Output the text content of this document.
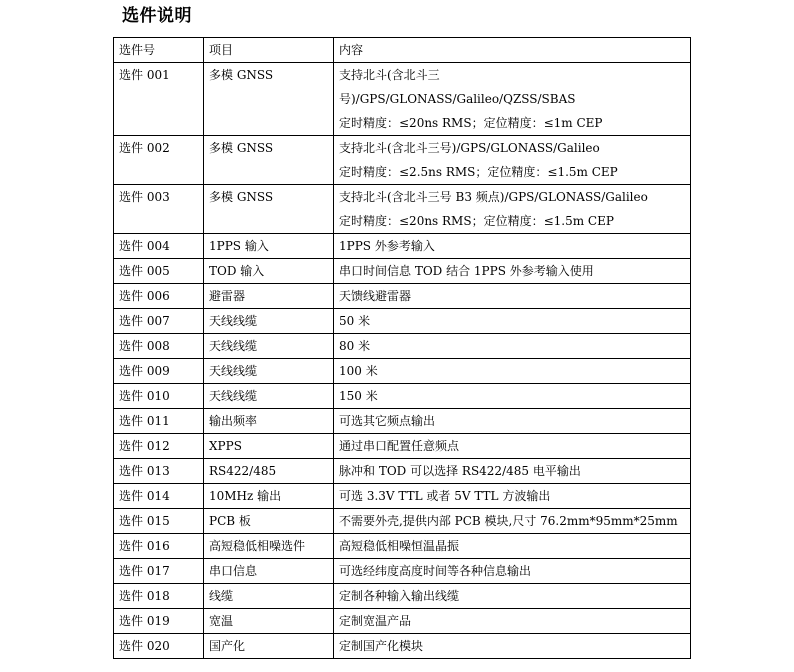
选件说明
选件号	项目	内容
选件 001	多模 GNSS	支持北斗(含北斗三
号)/GPS/GLONASS/Galileo/QZSS/SBAS
定时精度：≤20ns RMS；定位精度：≤1m CEP

选件 002	多模 GNSS	支持北斗(含北斗三号)/GPS/GLONASS/Galileo
定时精度：≤2.5ns RMS；定位精度：≤1.5m CEP

选件 003	多模 GNSS	支持北斗(含北斗三号 B3 频点)/GPS/GLONASS/Galileo
定时精度：≤20ns RMS；定位精度：≤1.5m CEP

选件 004	1PPS 输入	1PPS 外参考输入

选件 005	TOD 输入	串口时间信息 TOD 结合 1PPS 外参考输入使用

选件 006	避雷器	天馈线避雷器

选件 007	天线线缆	50 米

选件 008	天线线缆	80 米

选件 009	天线线缆	100 米

选件 010	天线线缆	150 米

选件 011	输出频率	可选其它频点输出

选件 012	XPPS	通过串口配置任意频点

选件 013	RS422/485	脉冲和 TOD 可以选择 RS422/485 电平输出

选件 014	10MHz 输出	可选 3.3V TTL 或者 5V TTL 方波输出

选件 015	PCB 板	不需要外壳,提供内部 PCB 模块,尺寸 76.2mm*95mm*25mm

选件 016	高短稳低相噪选件	高短稳低相噪恒温晶振

选件 017	串口信息	可选经纬度高度时间等各种信息输出

选件 018	线缆	定制各种输入输出线缆

选件 019	宽温	定制宽温产品

选件 020	国产化	定制国产化模块
